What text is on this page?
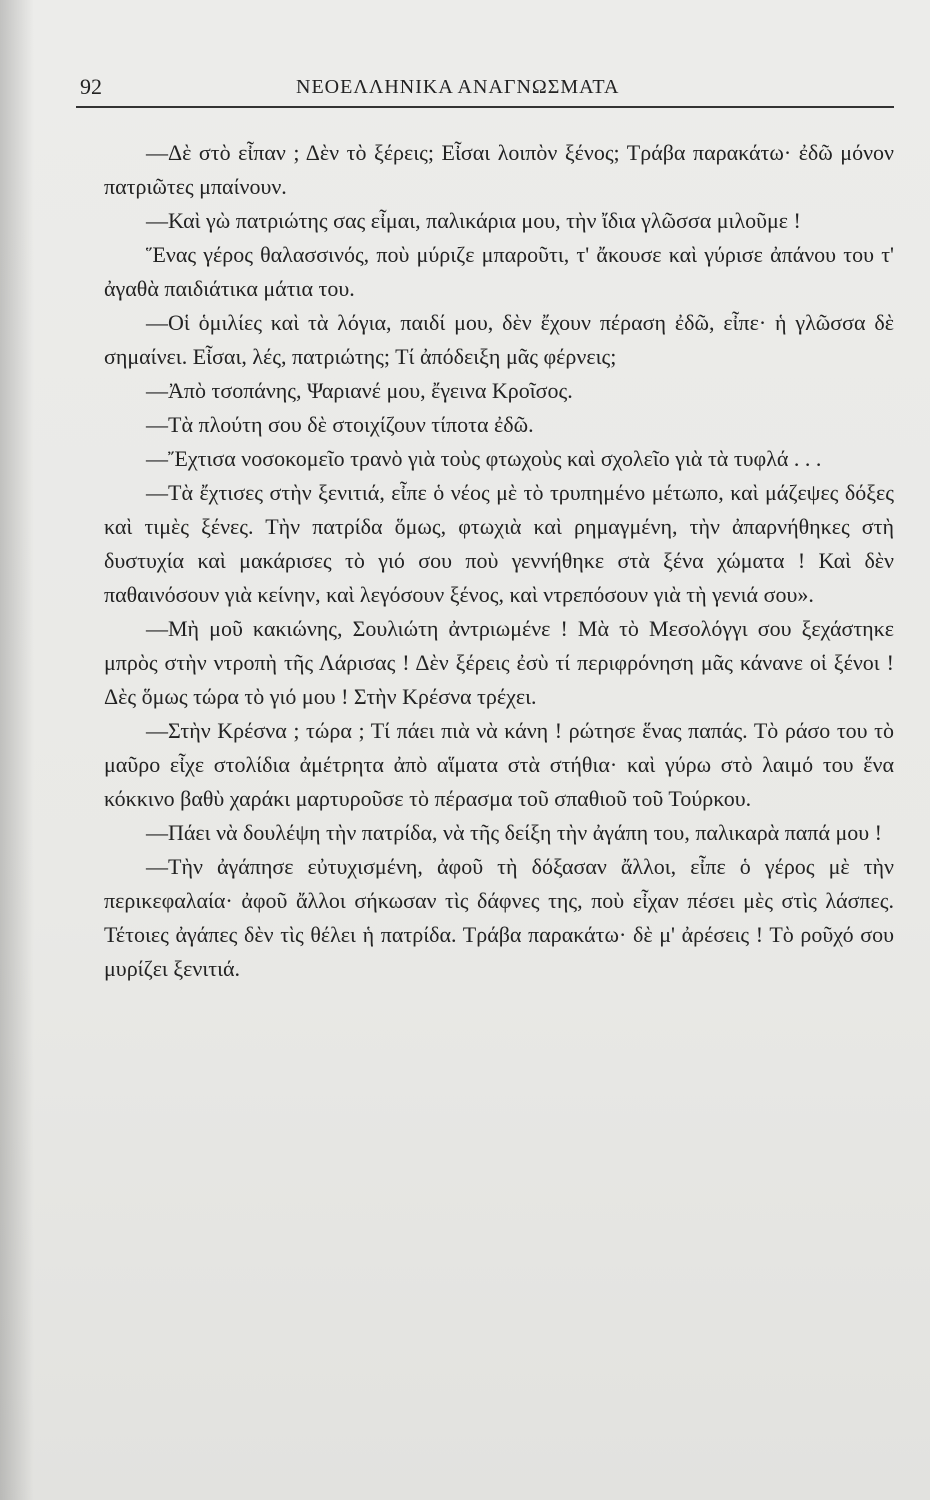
92	ΝΕΟΕΛΛΗΝΙΚΑ ΑΝΑΓΝΩΣΜΑΤΑ

—Δὲ στὸ εἶπαν ; Δὲν τὸ ξέρεις; Εἶσαι λοιπὸν ξένος; Τράβα παρακάτω· ἐδῶ μόνον πατριῶτες μπαίνουν.

—Καὶ γὼ πατριώτης σας εἶμαι, παλικάρια μου, τὴν ἴδια γλῶσσα μιλοῦμε !

Ἕνας γέρος θαλασσινός, ποὺ μύριζε μπαροῦτι, τ' ἄκουσε καὶ γύρισε ἀπάνου του τ' ἀγαθὰ παιδιάτικα μάτια του.

—Οἱ ὁμιλίες καὶ τὰ λόγια, παιδί μου, δὲν ἔχουν πέραση ἐδῶ, εἶπε· ἡ γλῶσσα δὲ σημαίνει. Εἶσαι, λές, πατριώτης; Τί ἀπόδειξη μᾶς φέρνεις;

—Ἀπὸ τσοπάνης, Ψαριανέ μου, ἔγεινα Κροῖσος.

—Τὰ πλούτη σου δὲ στοιχίζουν τίποτα ἐδῶ.

—Ἔχτισα νοσοκομεῖο τρανὸ γιὰ τοὺς φτωχοὺς καὶ σχολεῖο γιὰ τὰ τυφλά . . .

—Τὰ ἔχτισες στὴν ξενιτιά, εἶπε ὁ νέος μὲ τὸ τρυπημένο μέτωπο, καὶ μάζεψες δόξες καὶ τιμὲς ξένες. Τὴν πατρίδα ὅμως, φτωχιὰ καὶ ρημαγμένη, τὴν ἀπαρνήθηκες στὴ δυστυχία καὶ μακάρισες τὸ γιό σου ποὺ γεννήθηκε στὰ ξένα χώματα ! Καὶ δὲν παθαινόσουν γιὰ κείνην, καὶ λεγόσουν ξένος, καὶ ντρεπόσουν γιὰ τὴ γενιά σου».

—Μὴ μοῦ κακιώνης, Σουλιώτη ἀντριωμένε ! Μὰ τὸ Μεσολόγγι σου ξεχάστηκε μπρὸς στὴν ντροπὴ τῆς Λάρισας ! Δὲν ξέρεις ἐσὺ τί περιφρόνηση μᾶς κάνανε οἱ ξένοι ! Δὲς ὅμως τώρα τὸ γιό μου ! Στὴν Κρέσνα τρέχει.

—Στὴν Κρέσνα ; τώρα ; Τί πάει πιὰ νὰ κάνη ! ρώτησε ἕνας παπάς. Τὸ ράσο του τὸ μαῦρο εἶχε στολίδια ἀμέτρητα ἀπὸ αἵματα στὰ στήθια· καὶ γύρω στὸ λαιμό του ἕνα κόκκινο βαθὺ χαράκι μαρτυροῦσε τὸ πέρασμα τοῦ σπαθιοῦ τοῦ Τούρκου.

—Πάει νὰ δουλέψη τὴν πατρίδα, νὰ τῆς δείξη τὴν ἀγάπη του, παλικαρὰ παπά μου !

—Τὴν ἀγάπησε εὐτυχισμένη, ἀφοῦ τὴ δόξασαν ἄλλοι, εἶπε ὁ γέρος μὲ τὴν περικεφαλαία· ἀφοῦ ἄλλοι σήκωσαν τὶς δάφνες της, ποὺ εἶχαν πέσει μὲς στὶς λάσπες. Τέτοιες ἀγάπες δὲν τὶς θέλει ἡ πατρίδα. Τράβα παρακάτω· δὲ μ' ἀρέσεις ! Τὸ ροῦχό σου μυρίζει ξενιτιά.
